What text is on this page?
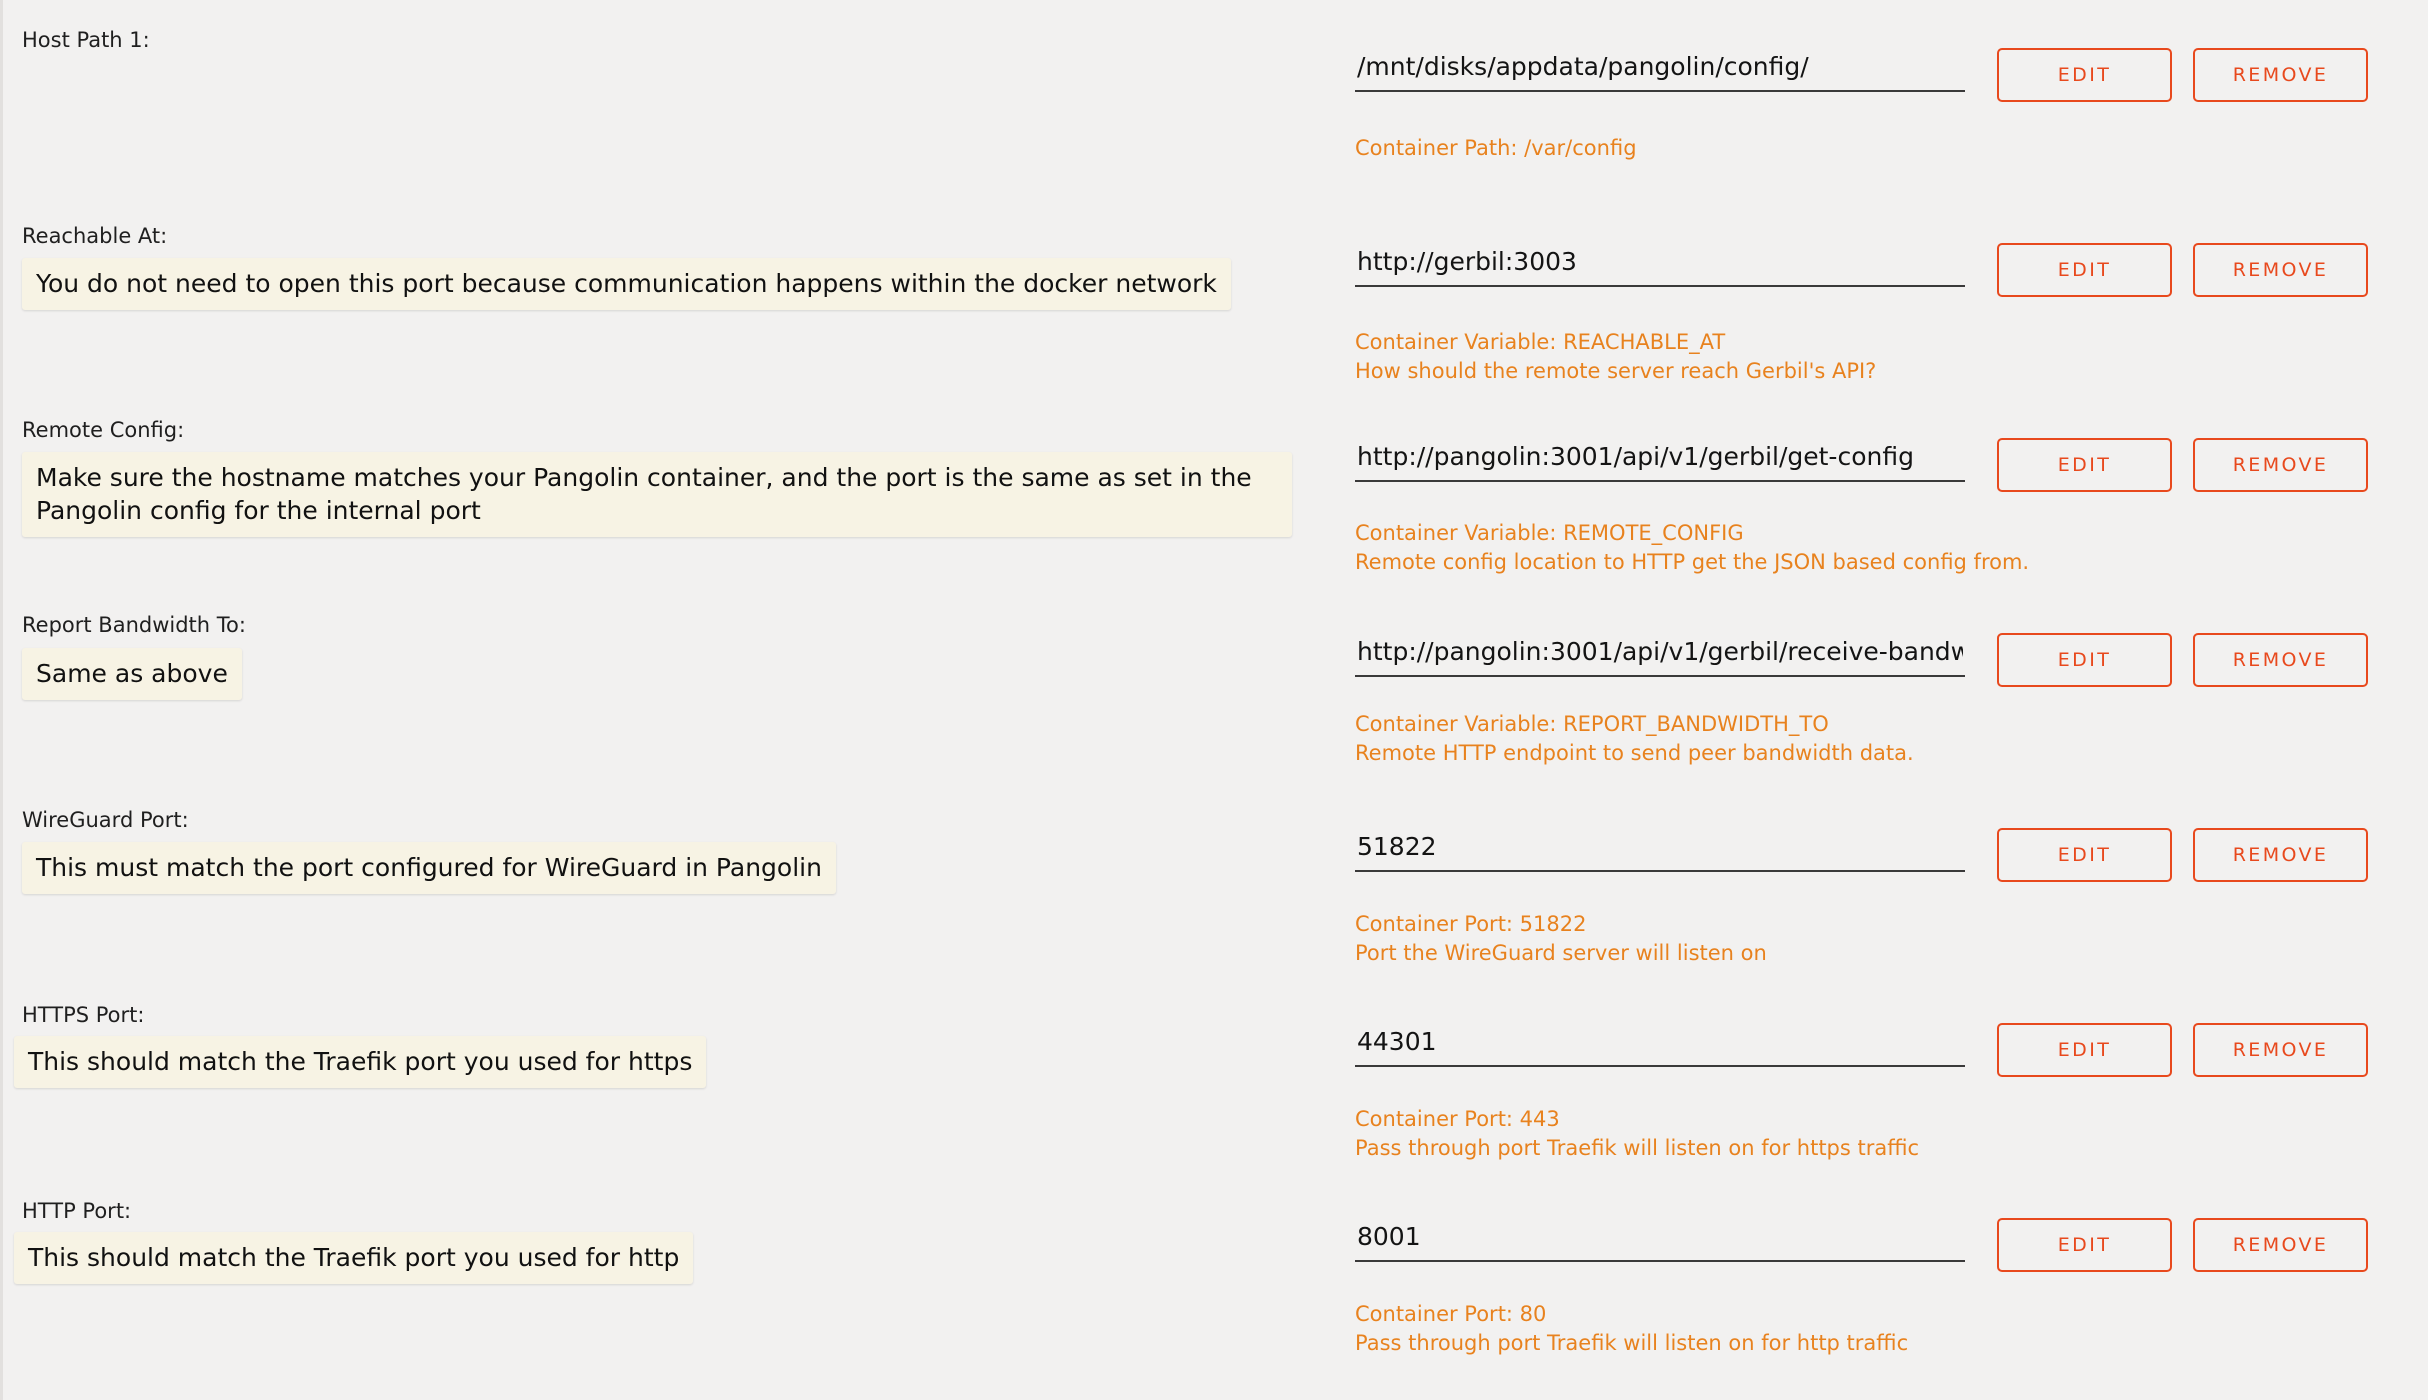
Host Path 1:
/mnt/disks/appdata/pangolin/config/
Container Path: /var/config
EDIT	REMOVE
Reachable At:
You do not need to open this port because communication happens within the docker network
http://gerbil:3003
Container Variable: REACHABLE_AT
How should the remote server reach Gerbil's API?
EDIT	REMOVE
Remote Config:
Make sure the hostname matches your Pangolin container, and the port is the same as set in the Pangolin config for the internal port
http://pangolin:3001/api/v1/gerbil/get-config
Container Variable: REMOTE_CONFIG
Remote config location to HTTP get the JSON based config from.
EDIT	REMOVE
Report Bandwidth To:
Same as above
http://pangolin:3001/api/v1/gerbil/receive-bandwidth
Container Variable: REPORT_BANDWIDTH_TO
Remote HTTP endpoint to send peer bandwidth data.
EDIT	REMOVE
WireGuard Port:
This must match the port configured for WireGuard in Pangolin
51822
Container Port: 51822
Port the WireGuard server will listen on
EDIT	REMOVE
HTTPS Port:
This should match the Traefik port you used for https
44301
Container Port: 443
Pass through port Traefik will listen on for https traffic
EDIT	REMOVE
HTTP Port:
This should match the Traefik port you used for http
8001
Container Port: 80
Pass through port Traefik will listen on for http traffic
EDIT	REMOVE
